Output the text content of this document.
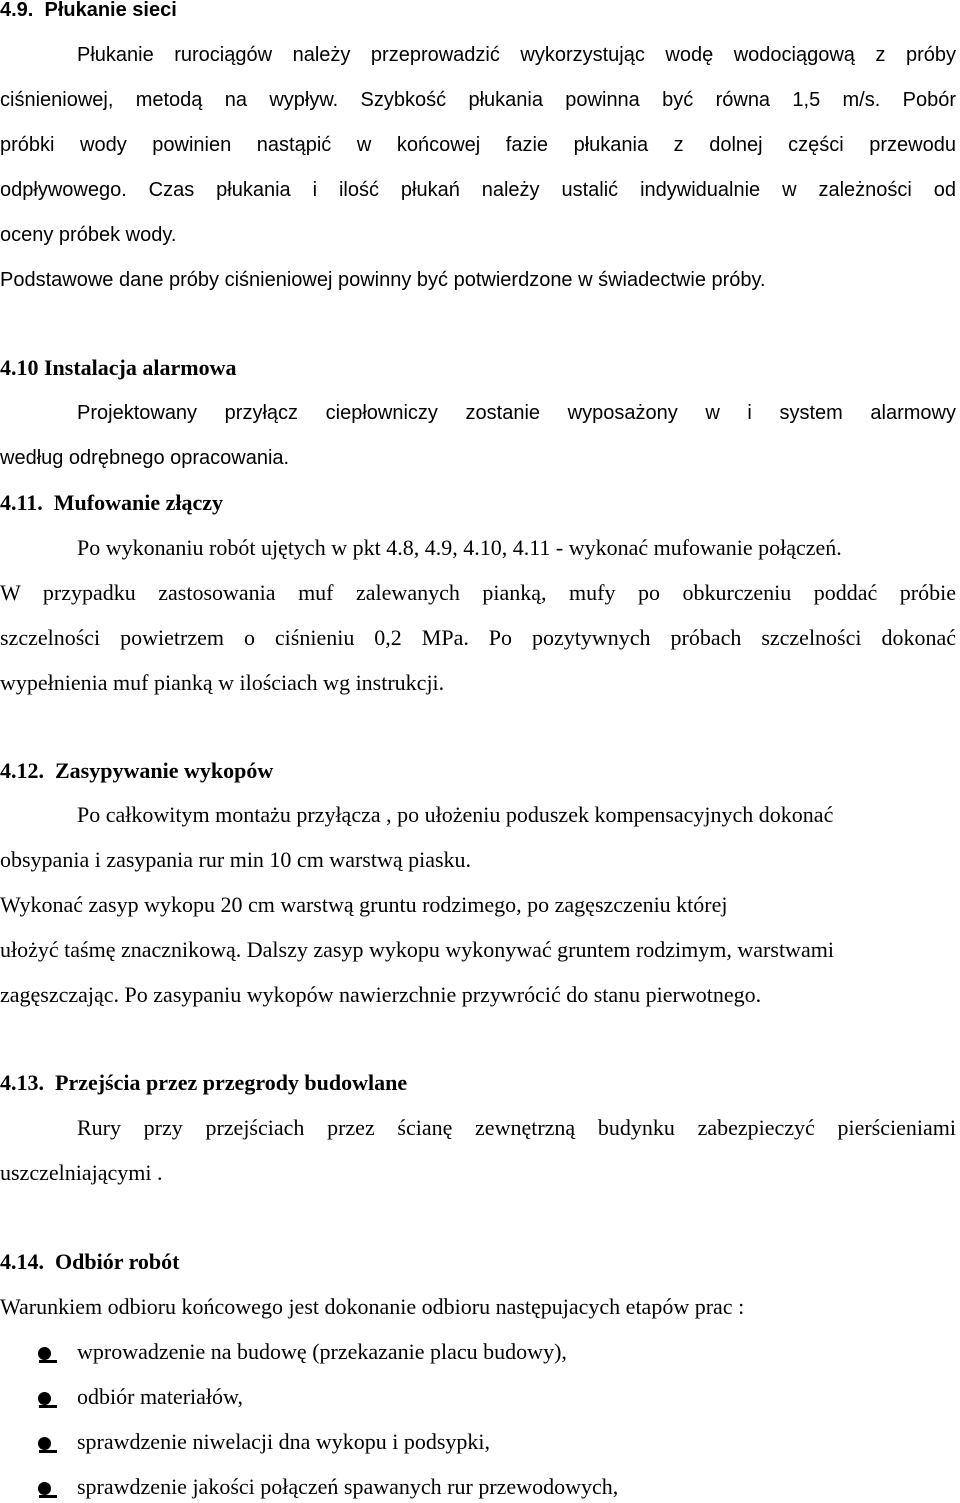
4.9. Płukanie sieci
Płukanie rurociągów należy przeprowadzić wykorzystując wodę wodociągową z próby
ciśnieniowej, metodą na wypływ. Szybkość płukania powinna być równa 1,5 m/s. Pobór
próbki wody powinien nastąpić w końcowej fazie płukania z dolnej części przewodu
odpływowego. Czas płukania i ilość płukań należy ustalić indywidualnie w zależności od
oceny próbek wody.
Podstawowe dane próby ciśnieniowej powinny być potwierdzone w świadectwie próby.
4.10 Instalacja alarmowa
Projektowany przyłącz ciepłowniczy zostanie wyposażony w i system alarmowy
według odrębnego opracowania.
4.11. Mufowanie złączy
Po wykonaniu robót ujętych w pkt 4.8, 4.9, 4.10, 4.11 - wykonać mufowanie połączeń.
W przypadku zastosowania muf zalewanych pianką, mufy po obkurczeniu poddać próbie
szczelności powietrzem o ciśnieniu 0,2 MPa. Po pozytywnych próbach szczelności dokonać
wypełnienia muf pianką w ilościach wg instrukcji.
4.12. Zasypywanie wykopów
Po całkowitym montażu przyłącza , po ułożeniu poduszek kompensacyjnych dokonać
obsypania i zasypania rur min 10 cm warstwą piasku.
Wykonać zasyp wykopu 20 cm warstwą gruntu rodzimego, po zagęszczeniu której
ułożyć taśmę znacznikową. Dalszy zasyp wykopu wykonywać gruntem rodzimym, warstwami
zagęszczając. Po zasypaniu wykopów nawierzchnie przywrócić do stanu pierwotnego.
4.13. Przejścia przez przegrody budowlane
Rury przy przejściach przez ścianę zewnętrzną budynku zabezpieczyć pierścieniami
uszczelniającymi .
4.14. Odbiór robót
Warunkiem odbioru końcowego jest dokonanie odbioru następujacych etapów prac :
wprowadzenie na budowę (przekazanie placu budowy),
odbiór materiałów,
sprawdzenie niwelacji dna wykopu i podsypki,
sprawdzenie jakości połączeń spawanych rur przewodowych,
